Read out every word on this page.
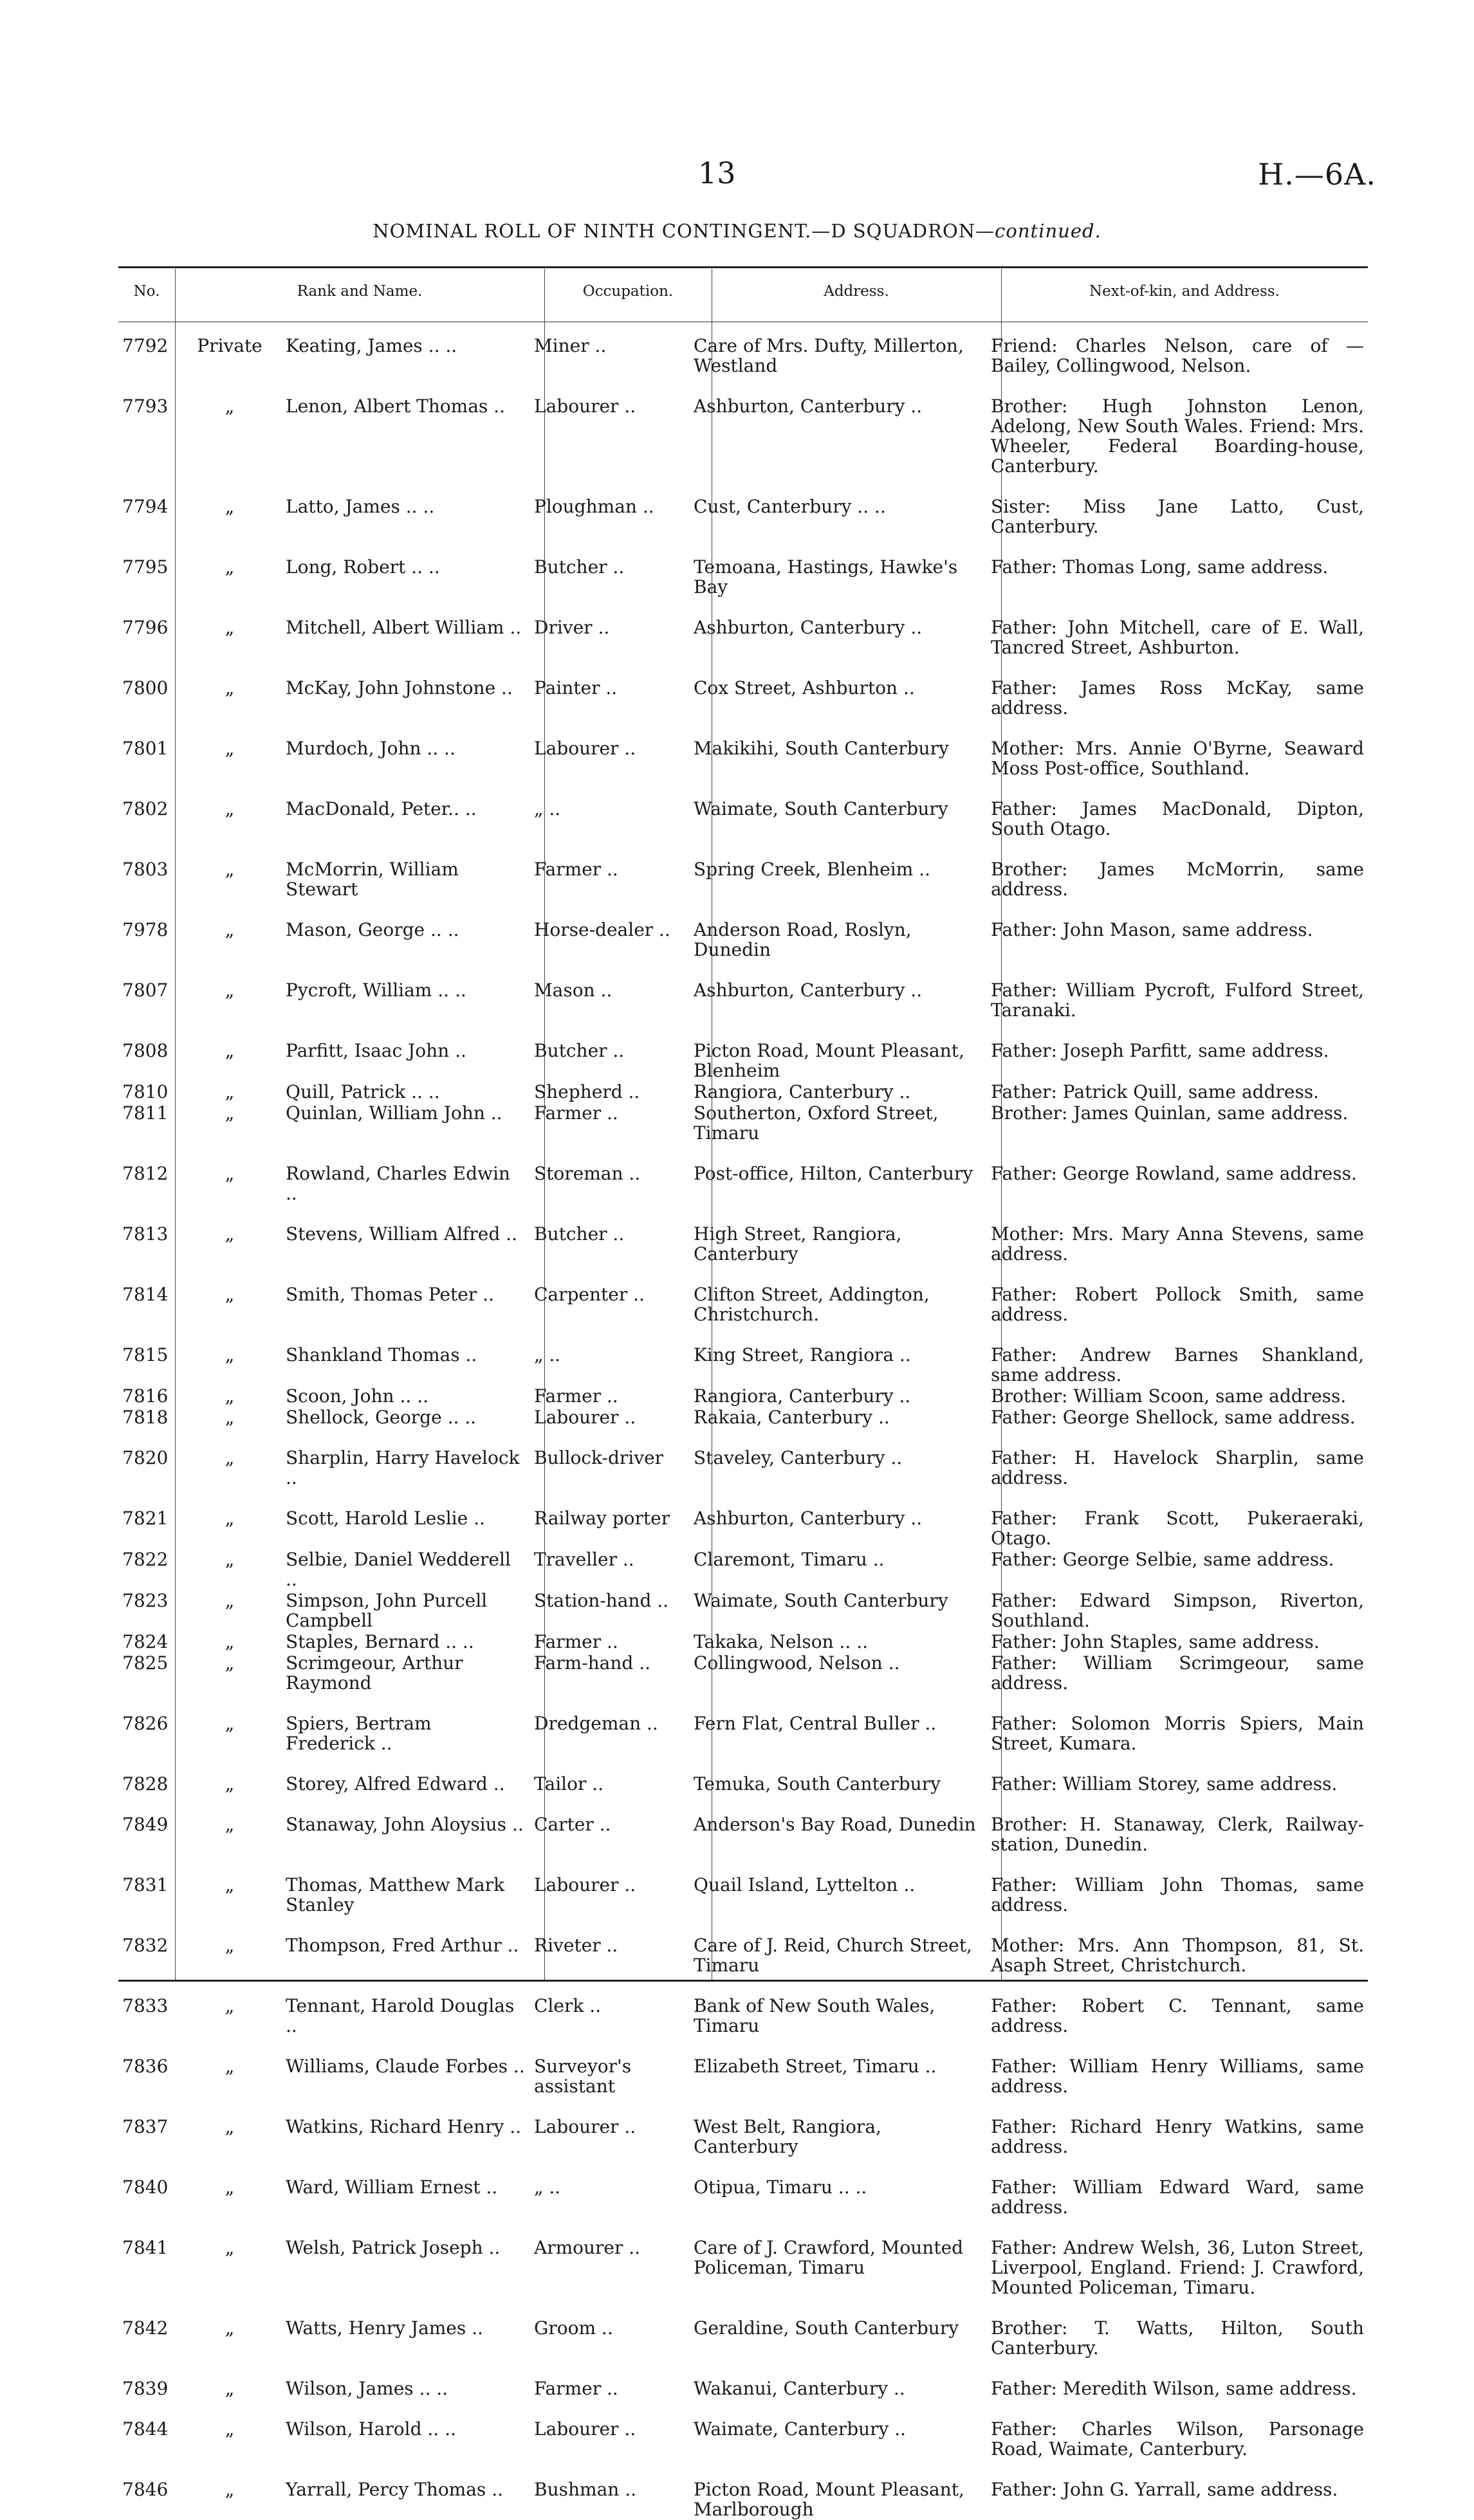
13	H.—6A.
NOMINAL ROLL OF NINTH CONTINGENT.—D SQUADRON—continued.
No.	Rank and Name.	Occupation.	Address.	Next-of-kin, and Address.
7792	Private	Keating, James .. ..	Miner ..	Care of Mrs. Dufty, Millerton, Westland	Friend: Charles Nelson, care of — Bailey, Collingwood, Nelson.
7793	„	Lenon, Albert Thomas ..	Labourer ..	Ashburton, Canterbury ..	Brother: Hugh Johnston Lenon, Adelong, New South Wales. Friend: Mrs. Wheeler, Federal Boarding-house, Canterbury.
7794	„	Latto, James .. ..	Ploughman ..	Cust, Canterbury .. ..	Sister: Miss Jane Latto, Cust, Canterbury.
7795	„	Long, Robert .. ..	Butcher ..	Temoana, Hastings, Hawke's Bay	Father: Thomas Long, same address.
7796	„	Mitchell, Albert William ..	Driver ..	Ashburton, Canterbury ..	Father: John Mitchell, care of E. Wall, Tancred Street, Ashburton.
7800	„	McKay, John Johnstone ..	Painter ..	Cox Street, Ashburton ..	Father: James Ross McKay, same address.
7801	„	Murdoch, John .. ..	Labourer ..	Makikihi, South Canterbury	Mother: Mrs. Annie O'Byrne, Seaward Moss Post-office, Southland.
7802	„	MacDonald, Peter.. ..	„ ..	Waimate, South Canterbury	Father: James MacDonald, Dipton, South Otago.
7803	„	McMorrin, William Stewart	Farmer ..	Spring Creek, Blenheim ..	Brother: James McMorrin, same address.
7978	„	Mason, George .. ..	Horse-dealer ..	Anderson Road, Roslyn, Dunedin	Father: John Mason, same address.
7807	„	Pycroft, William .. ..	Mason ..	Ashburton, Canterbury ..	Father: William Pycroft, Fulford Street, Taranaki.
7808	„	Parfitt, Isaac John ..	Butcher ..	Picton Road, Mount Pleasant, Blenheim	Father: Joseph Parfitt, same address.
7810	„	Quill, Patrick .. ..	Shepherd ..	Rangiora, Canterbury ..	Father: Patrick Quill, same address.
7811	„	Quinlan, William John ..	Farmer ..	Southerton, Oxford Street, Timaru	Brother: James Quinlan, same address.
7812	„	Rowland, Charles Edwin ..	Storeman ..	Post-office, Hilton, Canterbury	Father: George Rowland, same address.
7813	„	Stevens, William Alfred ..	Butcher ..	High Street, Rangiora, Canterbury	Mother: Mrs. Mary Anna Stevens, same address.
7814	„	Smith, Thomas Peter ..	Carpenter ..	Clifton Street, Addington, Christchurch.	Father: Robert Pollock Smith, same address.
7815	„	Shankland Thomas ..	„ ..	King Street, Rangiora ..	Father: Andrew Barnes Shankland, same address.
7816	„	Scoon, John .. ..	Farmer ..	Rangiora, Canterbury ..	Brother: William Scoon, same address.
7818	„	Shellock, George .. ..	Labourer ..	Rakaia, Canterbury ..	Father: George Shellock, same address.
7820	„	Sharplin, Harry Havelock ..	Bullock-driver	Staveley, Canterbury ..	Father: H. Havelock Sharplin, same address.
7821	„	Scott, Harold Leslie ..	Railway porter	Ashburton, Canterbury ..	Father: Frank Scott, Pukeraeraki, Otago.
7822	„	Selbie, Daniel Wedderell ..	Traveller ..	Claremont, Timaru ..	Father: George Selbie, same address.
7823	„	Simpson, John Purcell Campbell	Station-hand ..	Waimate, South Canterbury	Father: Edward Simpson, Riverton, Southland.
7824	„	Staples, Bernard .. ..	Farmer ..	Takaka, Nelson .. ..	Father: John Staples, same address.
7825	„	Scrimgeour, Arthur Raymond	Farm-hand ..	Collingwood, Nelson ..	Father: William Scrimgeour, same address.
7826	„	Spiers, Bertram Frederick ..	Dredgeman ..	Fern Flat, Central Buller ..	Father: Solomon Morris Spiers, Main Street, Kumara.
7828	„	Storey, Alfred Edward ..	Tailor ..	Temuka, South Canterbury	Father: William Storey, same address.
7849	„	Stanaway, John Aloysius ..	Carter ..	Anderson's Bay Road, Dunedin	Brother: H. Stanaway, Clerk, Railway-station, Dunedin.
7831	„	Thomas, Matthew Mark Stanley	Labourer ..	Quail Island, Lyttelton ..	Father: William John Thomas, same address.
7832	„	Thompson, Fred Arthur ..	Riveter ..	Care of J. Reid, Church Street, Timaru	Mother: Mrs. Ann Thompson, 81, St. Asaph Street, Christchurch.
7833	„	Tennant, Harold Douglas ..	Clerk ..	Bank of New South Wales, Timaru	Father: Robert C. Tennant, same address.
7836	„	Williams, Claude Forbes ..	Surveyor's assistant	Elizabeth Street, Timaru ..	Father: William Henry Williams, same address.
7837	„	Watkins, Richard Henry ..	Labourer ..	West Belt, Rangiora, Canterbury	Father: Richard Henry Watkins, same address.
7840	„	Ward, William Ernest ..	„ ..	Otipua, Timaru .. ..	Father: William Edward Ward, same address.
7841	„	Welsh, Patrick Joseph ..	Armourer ..	Care of J. Crawford, Mounted Policeman, Timaru	Father: Andrew Welsh, 36, Luton Street, Liverpool, England. Friend: J. Crawford, Mounted Policeman, Timaru.
7842	„	Watts, Henry James ..	Groom ..	Geraldine, South Canterbury	Brother: T. Watts, Hilton, South Canterbury.
7839	„	Wilson, James .. ..	Farmer ..	Wakanui, Canterbury ..	Father: Meredith Wilson, same address.
7844	„	Wilson, Harold .. ..	Labourer ..	Waimate, Canterbury ..	Father: Charles Wilson, Parsonage Road, Waimate, Canterbury.
7846	„	Yarrall, Percy Thomas ..	Bushman ..	Picton Road, Mount Pleasant, Marlborough	Father: John G. Yarrall, same address.
